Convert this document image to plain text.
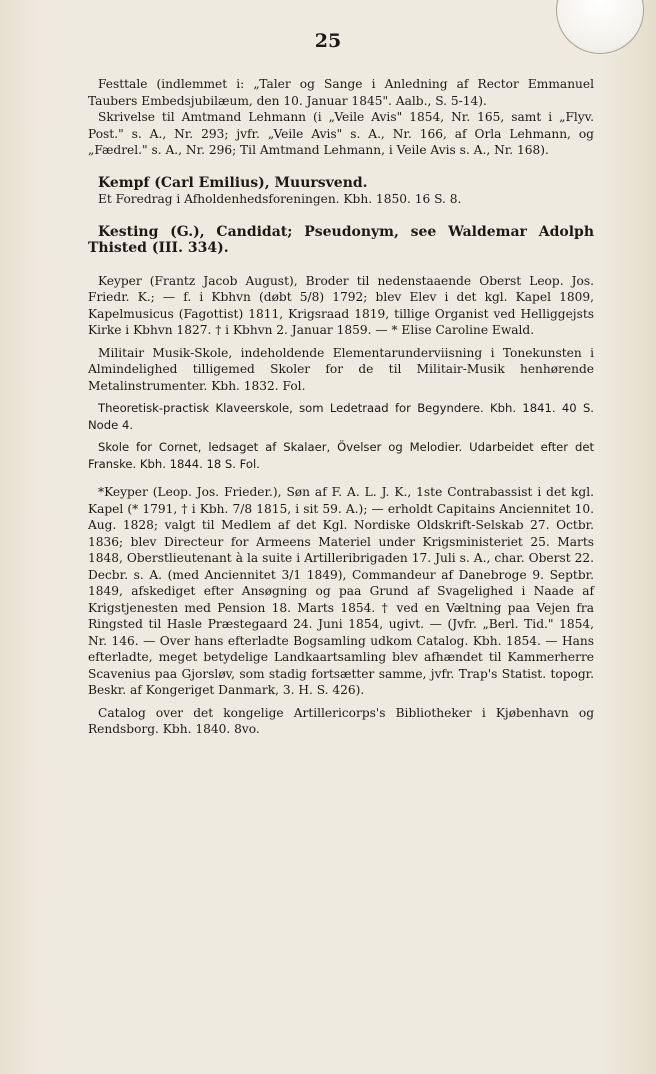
25

Festtale (indlemmet i: „Taler og Sange i Anledning af Rector Emmanuel Taubers Embedsjubilæum, den 10. Januar 1845". Aalb., S. 5-14).

Skrivelse til Amtmand Lehmann (i „Veile Avis" 1854, Nr. 165, samt i „Flyv. Post." s. A., Nr. 293; jvfr. „Veile Avis" s. A., Nr. 166, af Orla Lehmann, og „Fædrel." s. A., Nr. 296; Til Amtmand Lehmann, i Veile Avis s. A., Nr. 168).

Kempf (Carl Emilius), Muursvend.

Et Foredrag i Afholdenhedsforeningen. Kbh. 1850. 16 S. 8.

Kesting (G.), Candidat; Pseudonym, see Waldemar Adolph Thisted (III. 334).

Keyper (Frantz Jacob August), Broder til nedenstaaende Oberst Leop. Jos. Friedr. K.; — f. i Kbhvn (døbt 5/8) 1792; blev Elev i det kgl. Kapel 1809, Kapelmusicus (Fagottist) 1811, Krigsraad 1819, tillige Organist ved Helliggejsts Kirke i Kbhvn 1827. † i Kbhvn 2. Januar 1859. — * Elise Caroline Ewald.

Militair Musik-Skole, indeholdende Elementarunderviisning i Tonekunsten i Almindelighed tilligemed Skoler for de til Militair-Musik henhørende Metalinstrumenter. Kbh. 1832. Fol.

Theoretisk-practisk Klaveerskole, som Ledetraad for Begyndere. Kbh. 1841. 40 S. Node 4.

Skole for Cornet, ledsaget af Skalaer, Övelser og Melodier. Udarbeidet efter det Franske. Kbh. 1844. 18 S. Fol.

*Keyper (Leop. Jos. Frieder.), Søn af F. A. L. J. K., 1ste Contrabassist i det kgl. Kapel (* 1791, † i Kbh. 7/8 1815, i sit 59. A.); — erholdt Capitains Anciennitet 10. Aug. 1828; valgt til Medlem af det Kgl. Nordiske Oldskrift-Selskab 27. Octbr. 1836; blev Directeur for Armeens Materiel under Krigsministeriet 25. Marts 1848, Oberstlieutenant à la suite i Artilleribrigaden 17. Juli s. A., char. Oberst 22. Decbr. s. A. (med Anciennitet 3/1 1849), Commandeur af Danebroge 9. Septbr. 1849, afskediget efter Ansøgning og paa Grund af Svagelighed i Naade af Krigstjenesten med Pension 18. Marts 1854. † ved en Væltning paa Vejen fra Ringsted til Hasle Præstegaard 24. Juni 1854, ugivt. — (Jvfr. „Berl. Tid." 1854, Nr. 146. — Over hans efterladte Bogsamling udkom Catalog. Kbh. 1854. — Hans efterladte, meget betydelige Landkaartsamling blev afhændet til Kammerherre Scavenius paa Gjorsløv, som stadig fortsætter samme, jvfr. Trap's Statist. topogr. Beskr. af Kongeriget Danmark, 3. H. S. 426).

Catalog over det kongelige Artillericorps's Bibliotheker i Kjøbenhavn og Rendsborg. Kbh. 1840. 8vo.
